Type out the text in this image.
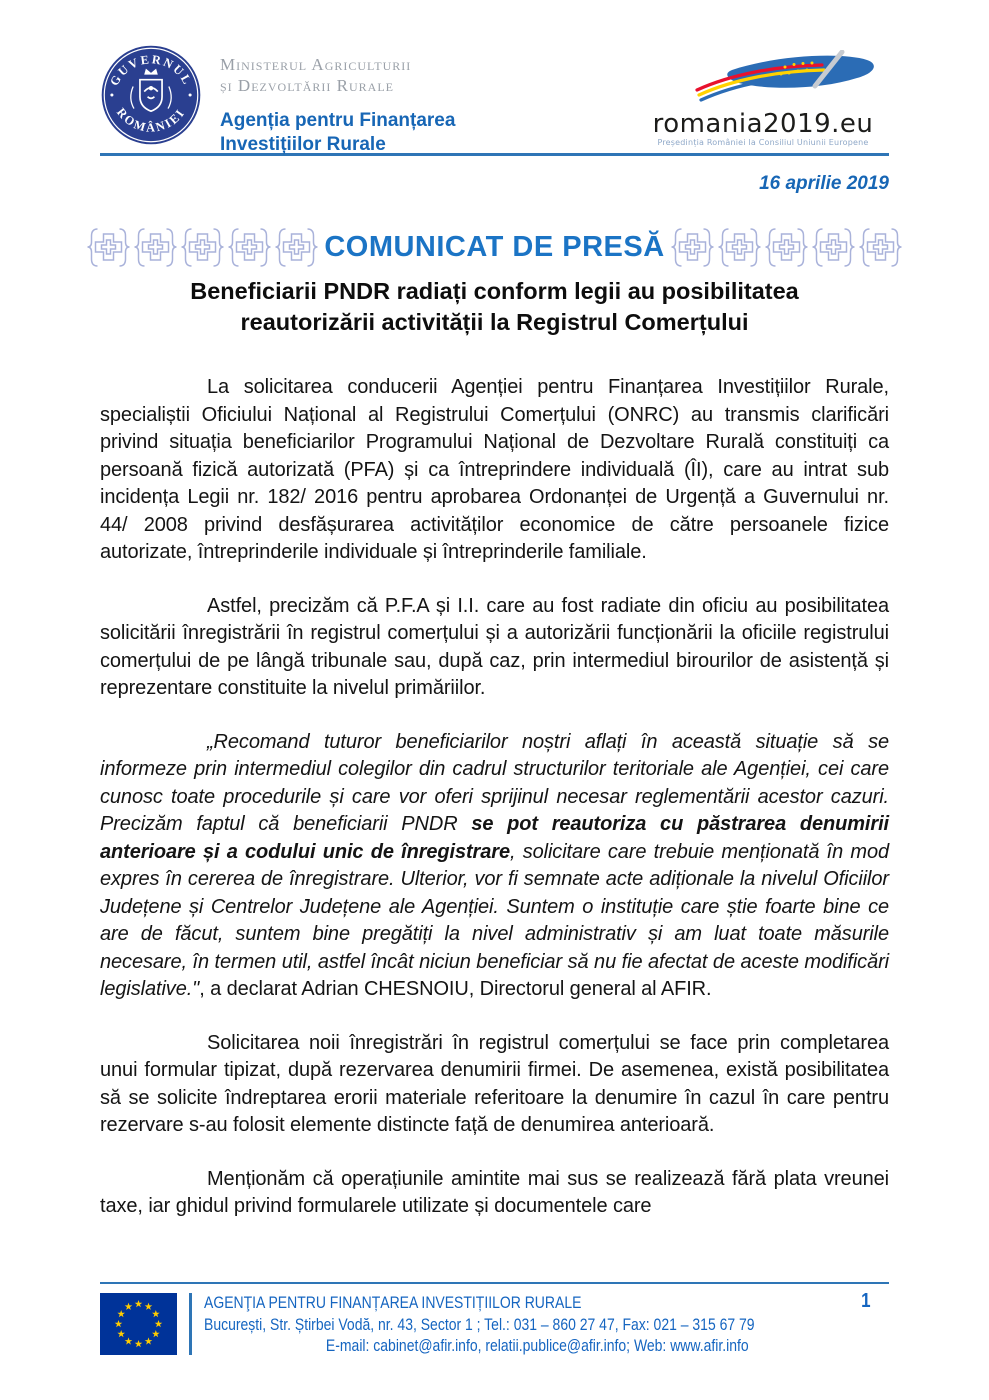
GUVERNUL
ROMÂNIEI
Ministerul Agriculturii
și Dezvoltării Rurale
Agenția pentru Finanțarea
Investițiilor Rurale
romania2019.eu
Președinția României la Consiliul Uniunii Europene
16 aprilie 2019
COMUNICAT DE PRESĂ
Beneficiarii PNDR radiați conform legii au posibilitatea
reautorizării activității la Registrul Comerțului

La solicitarea conducerii Agenției pentru Finanțarea Investițiilor Rurale, specialiștii Oficiului Național al Registrului Comerțului (ONRC) au transmis clarificări privind situația beneficiarilor Programului Național de Dezvoltare Rurală constituiți ca persoană fizică autorizată (PFA) și ca întreprindere individuală (ÎI), care au intrat sub incidența Legii nr. 182/ 2016 pentru aprobarea Ordonanței de Urgență a Guvernului nr. 44/ 2008 privind desfășurarea activităților economice de către persoanele fizice autorizate, întreprinderile individuale și întreprinderile familiale.

Astfel, precizăm că P.F.A și I.I. care au fost radiate din oficiu au posibilitatea solicitării înregistrării în registrul comerțului și a autorizării funcționării la oficiile registrului comerțului de pe lângă tribunale sau, după caz, prin intermediul birourilor de asistență și reprezentare constituite la nivelul primăriilor.

„Recomand tuturor beneficiarilor noștri aflați în această situație să se informeze prin intermediul colegilor din cadrul structurilor teritoriale ale Agenției, cei care cunosc toate procedurile și care vor oferi sprijinul necesar reglementării acestor cazuri. Precizăm faptul că beneficiarii PNDR se pot reautoriza cu păstrarea denumirii anterioare și a codului unic de înregistrare, solicitare care trebuie menționată în mod expres în cererea de înregistrare. Ulterior, vor fi semnate acte adiționale la nivelul Oficiilor Județene și Centrelor Județene ale Agenției. Suntem o instituție care știe foarte bine ce are de făcut, suntem bine pregătiți la nivel administrativ și am luat toate măsurile necesare, în termen util, astfel încât niciun beneficiar să nu fie afectat de aceste modificări legislative.", a declarat Adrian CHESNOIU, Directorul general al AFIR.

Solicitarea noii înregistrări în registrul comerțului se face prin completarea unui formular tipizat, după rezervarea denumirii firmei. De asemenea, există posibilitatea să se solicite îndreptarea erorii materiale referitoare la denumire în cazul în care pentru rezervare s-au folosit elemente distincte față de denumirea anterioară.

Menționăm că operațiunile amintite mai sus se realizează fără plata vreunei taxe, iar ghidul privind formularele utilizate și documentele care

AGENŢIA PENTRU FINANȚAREA INVESTIȚIILOR RURALE
București, Str. Știrbei Vodă, nr. 43, Sector 1 ; Tel.: 031 – 860 27 47, Fax: 021 – 315 67 79
E-mail: cabinet@afir.info, relatii.publice@afir.info; Web: www.afir.info
1
